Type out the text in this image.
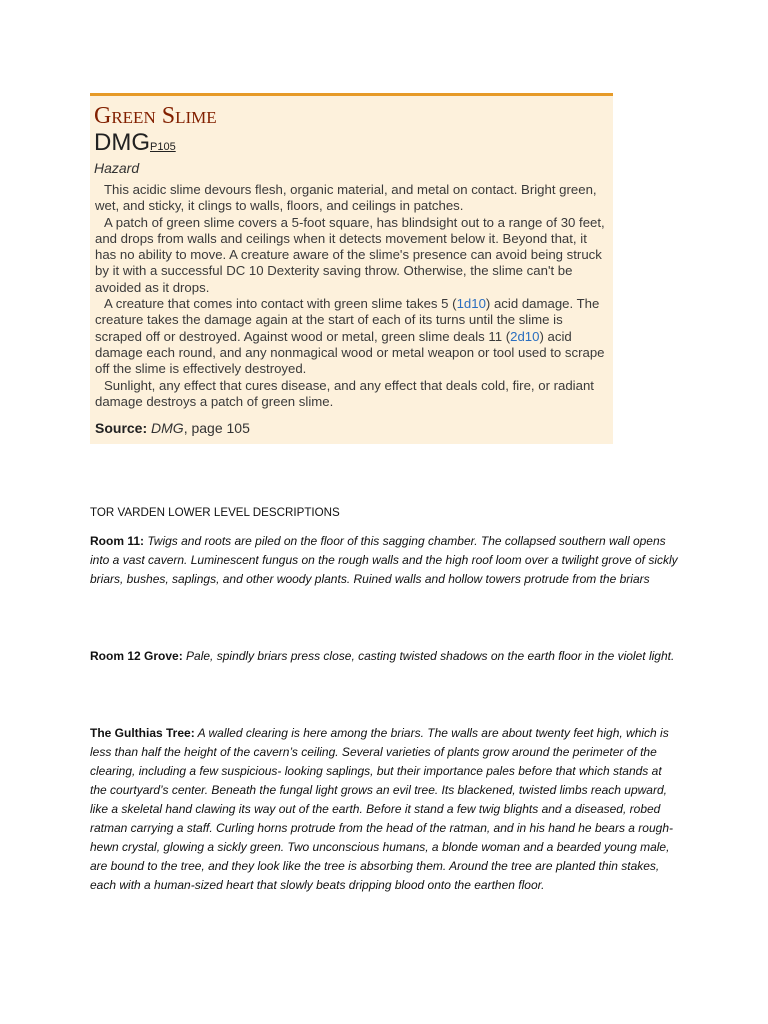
Green Slime
DMGP105
Hazard

This acidic slime devours flesh, organic material, and metal on contact. Bright green, wet, and sticky, it clings to walls, floors, and ceilings in patches.

A patch of green slime covers a 5-foot square, has blindsight out to a range of 30 feet, and drops from walls and ceilings when it detects movement below it. Beyond that, it has no ability to move. A creature aware of the slime's presence can avoid being struck by it with a successful DC 10 Dexterity saving throw. Otherwise, the slime can't be avoided as it drops.

A creature that comes into contact with green slime takes 5 (1d10) acid damage. The creature takes the damage again at the start of each of its turns until the slime is scraped off or destroyed. Against wood or metal, green slime deals 11 (2d10) acid damage each round, and any nonmagical wood or metal weapon or tool used to scrape off the slime is effectively destroyed.

Sunlight, any effect that cures disease, and any effect that deals cold, fire, or radiant damage destroys a patch of green slime.

Source: DMG, page 105
TOR VARDEN LOWER LEVEL DESCRIPTIONS
Room 11: Twigs and roots are piled on the floor of this sagging chamber. The collapsed southern wall opens into a vast cavern. Luminescent fungus on the rough walls and the high roof loom over a twilight grove of sickly briars, bushes, saplings, and other woody plants. Ruined walls and hollow towers protrude from the briars
Room 12 Grove: Pale, spindly briars press close, casting twisted shadows on the earth floor in the violet light.
The Gulthias Tree: A walled clearing is here among the briars. The walls are about twenty feet high, which is less than half the height of the cavern’s ceiling. Several varieties of plants grow around the perimeter of the clearing, including a few suspicious- looking saplings, but their importance pales before that which stands at the courtyard’s center. Beneath the fungal light grows an evil tree. Its blackened, twisted limbs reach upward, like a skeletal hand clawing its way out of the earth. Before it stand a few twig blights and a diseased, robed ratman carrying a staff. Curling horns protrude from the head of the ratman, and in his hand he bears a rough-hewn crystal, glowing a sickly green. Two unconscious humans, a blonde woman and a bearded young male, are bound to the tree, and they look like the tree is absorbing them. Around the tree are planted thin stakes, each with a human-sized heart that slowly beats dripping blood onto the earthen floor.
